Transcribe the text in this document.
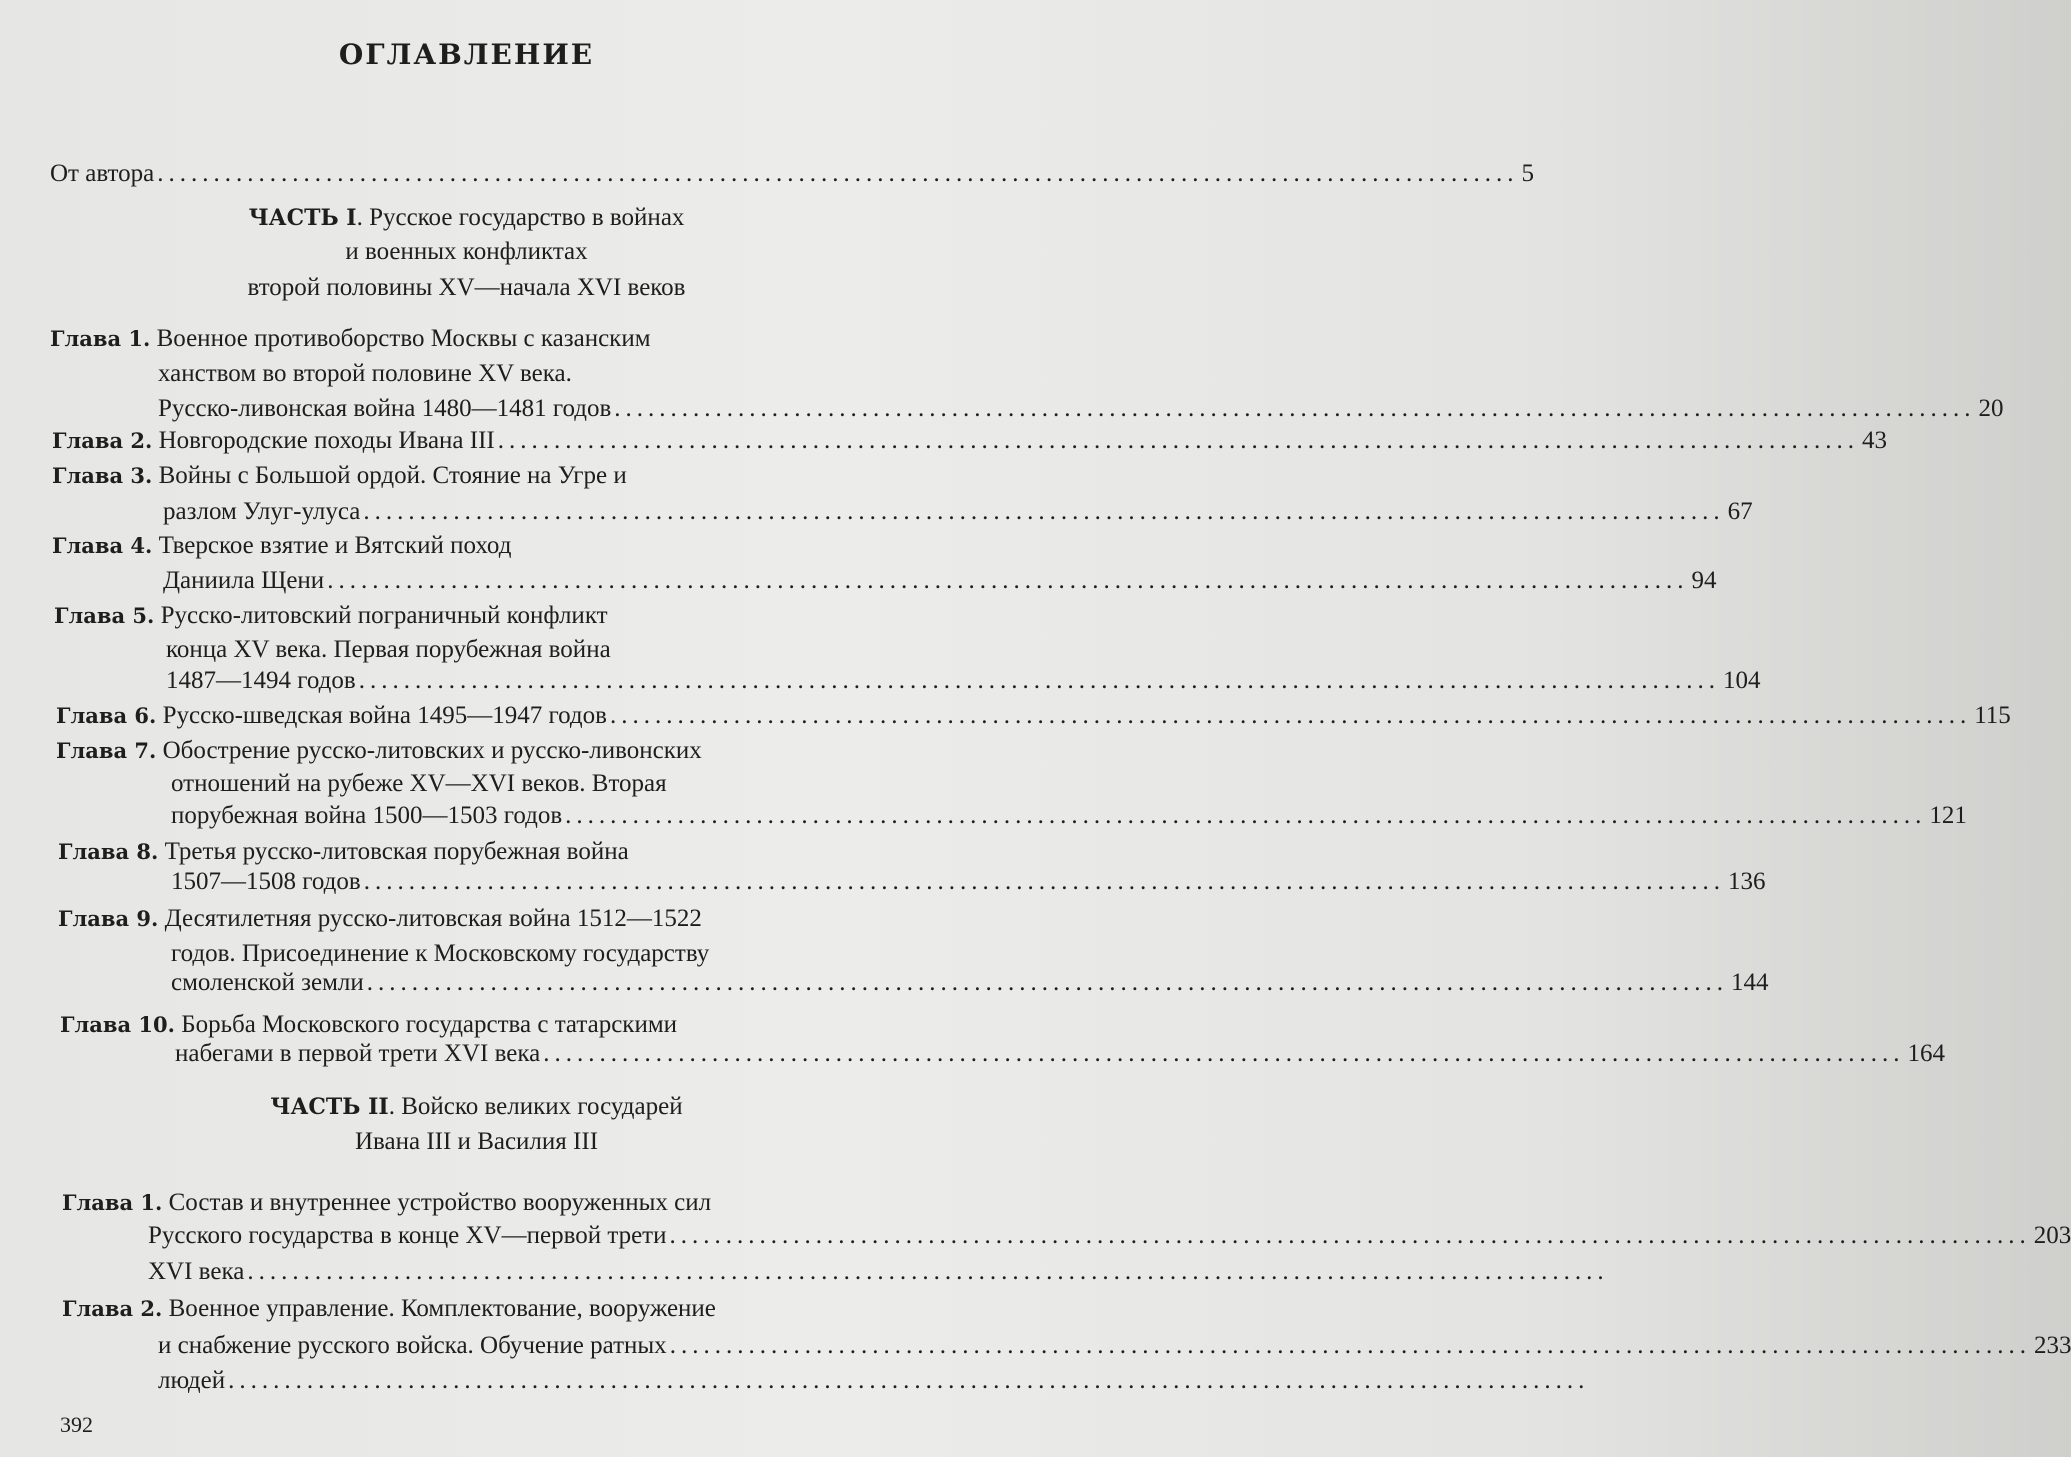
ОГЛАВЛЕНИЕ
От автора ......................................................................................................................... 5
ЧАСТЬ I. Русское государство в войнах
и военных конфликтах
второй половины XV—начала XVI веков
Глава 1. Военное противоборство Москвы с казанским
ханством во второй половине XV века.
Русско-ливонская война 1480—1481 годов ......................................................................................................................... 20
Глава 2. Новгородские походы Ивана III ......................................................................................................................... 43
Глава 3. Войны с Большой ордой. Стояние на Угре и
разлом Улуг-улуса ......................................................................................................................... 67
Глава 4. Тверское взятие и Вятский поход
Даниила Щени ......................................................................................................................... 94
Глава 5. Русско-литовский пограничный конфликт
конца XV века. Первая порубежная война
1487—1494 годов ......................................................................................................................... 104
Глава 6. Русско-шведская война 1495—1947 годов ......................................................................................................................... 115
Глава 7. Обострение русско-литовских и русско-ливонских
отношений на рубеже XV—XVI веков. Вторая
порубежная война 1500—1503 годов ......................................................................................................................... 121
Глава 8. Третья русско-литовская порубежная война
1507—1508 годов ......................................................................................................................... 136
Глава 9. Десятилетняя русско-литовская война 1512—1522
годов. Присоединение к Московскому государству
смоленской земли ......................................................................................................................... 144
Глава 10. Борьба Московского государства с татарскими
набегами в первой трети XVI века ......................................................................................................................... 164
ЧАСТЬ II. Войско великих государей
Ивана III и Василия III
Глава 1. Состав и внутреннее устройство вооруженных сил
Русского государства в конце XV—первой трети ......................................................................................................................... 203
XVI века .........................................................................................................................
Глава 2. Военное управление. Комплектование, вооружение
и снабжение русского войска. Обучение ратных ......................................................................................................................... 233
людей .........................................................................................................................
392
